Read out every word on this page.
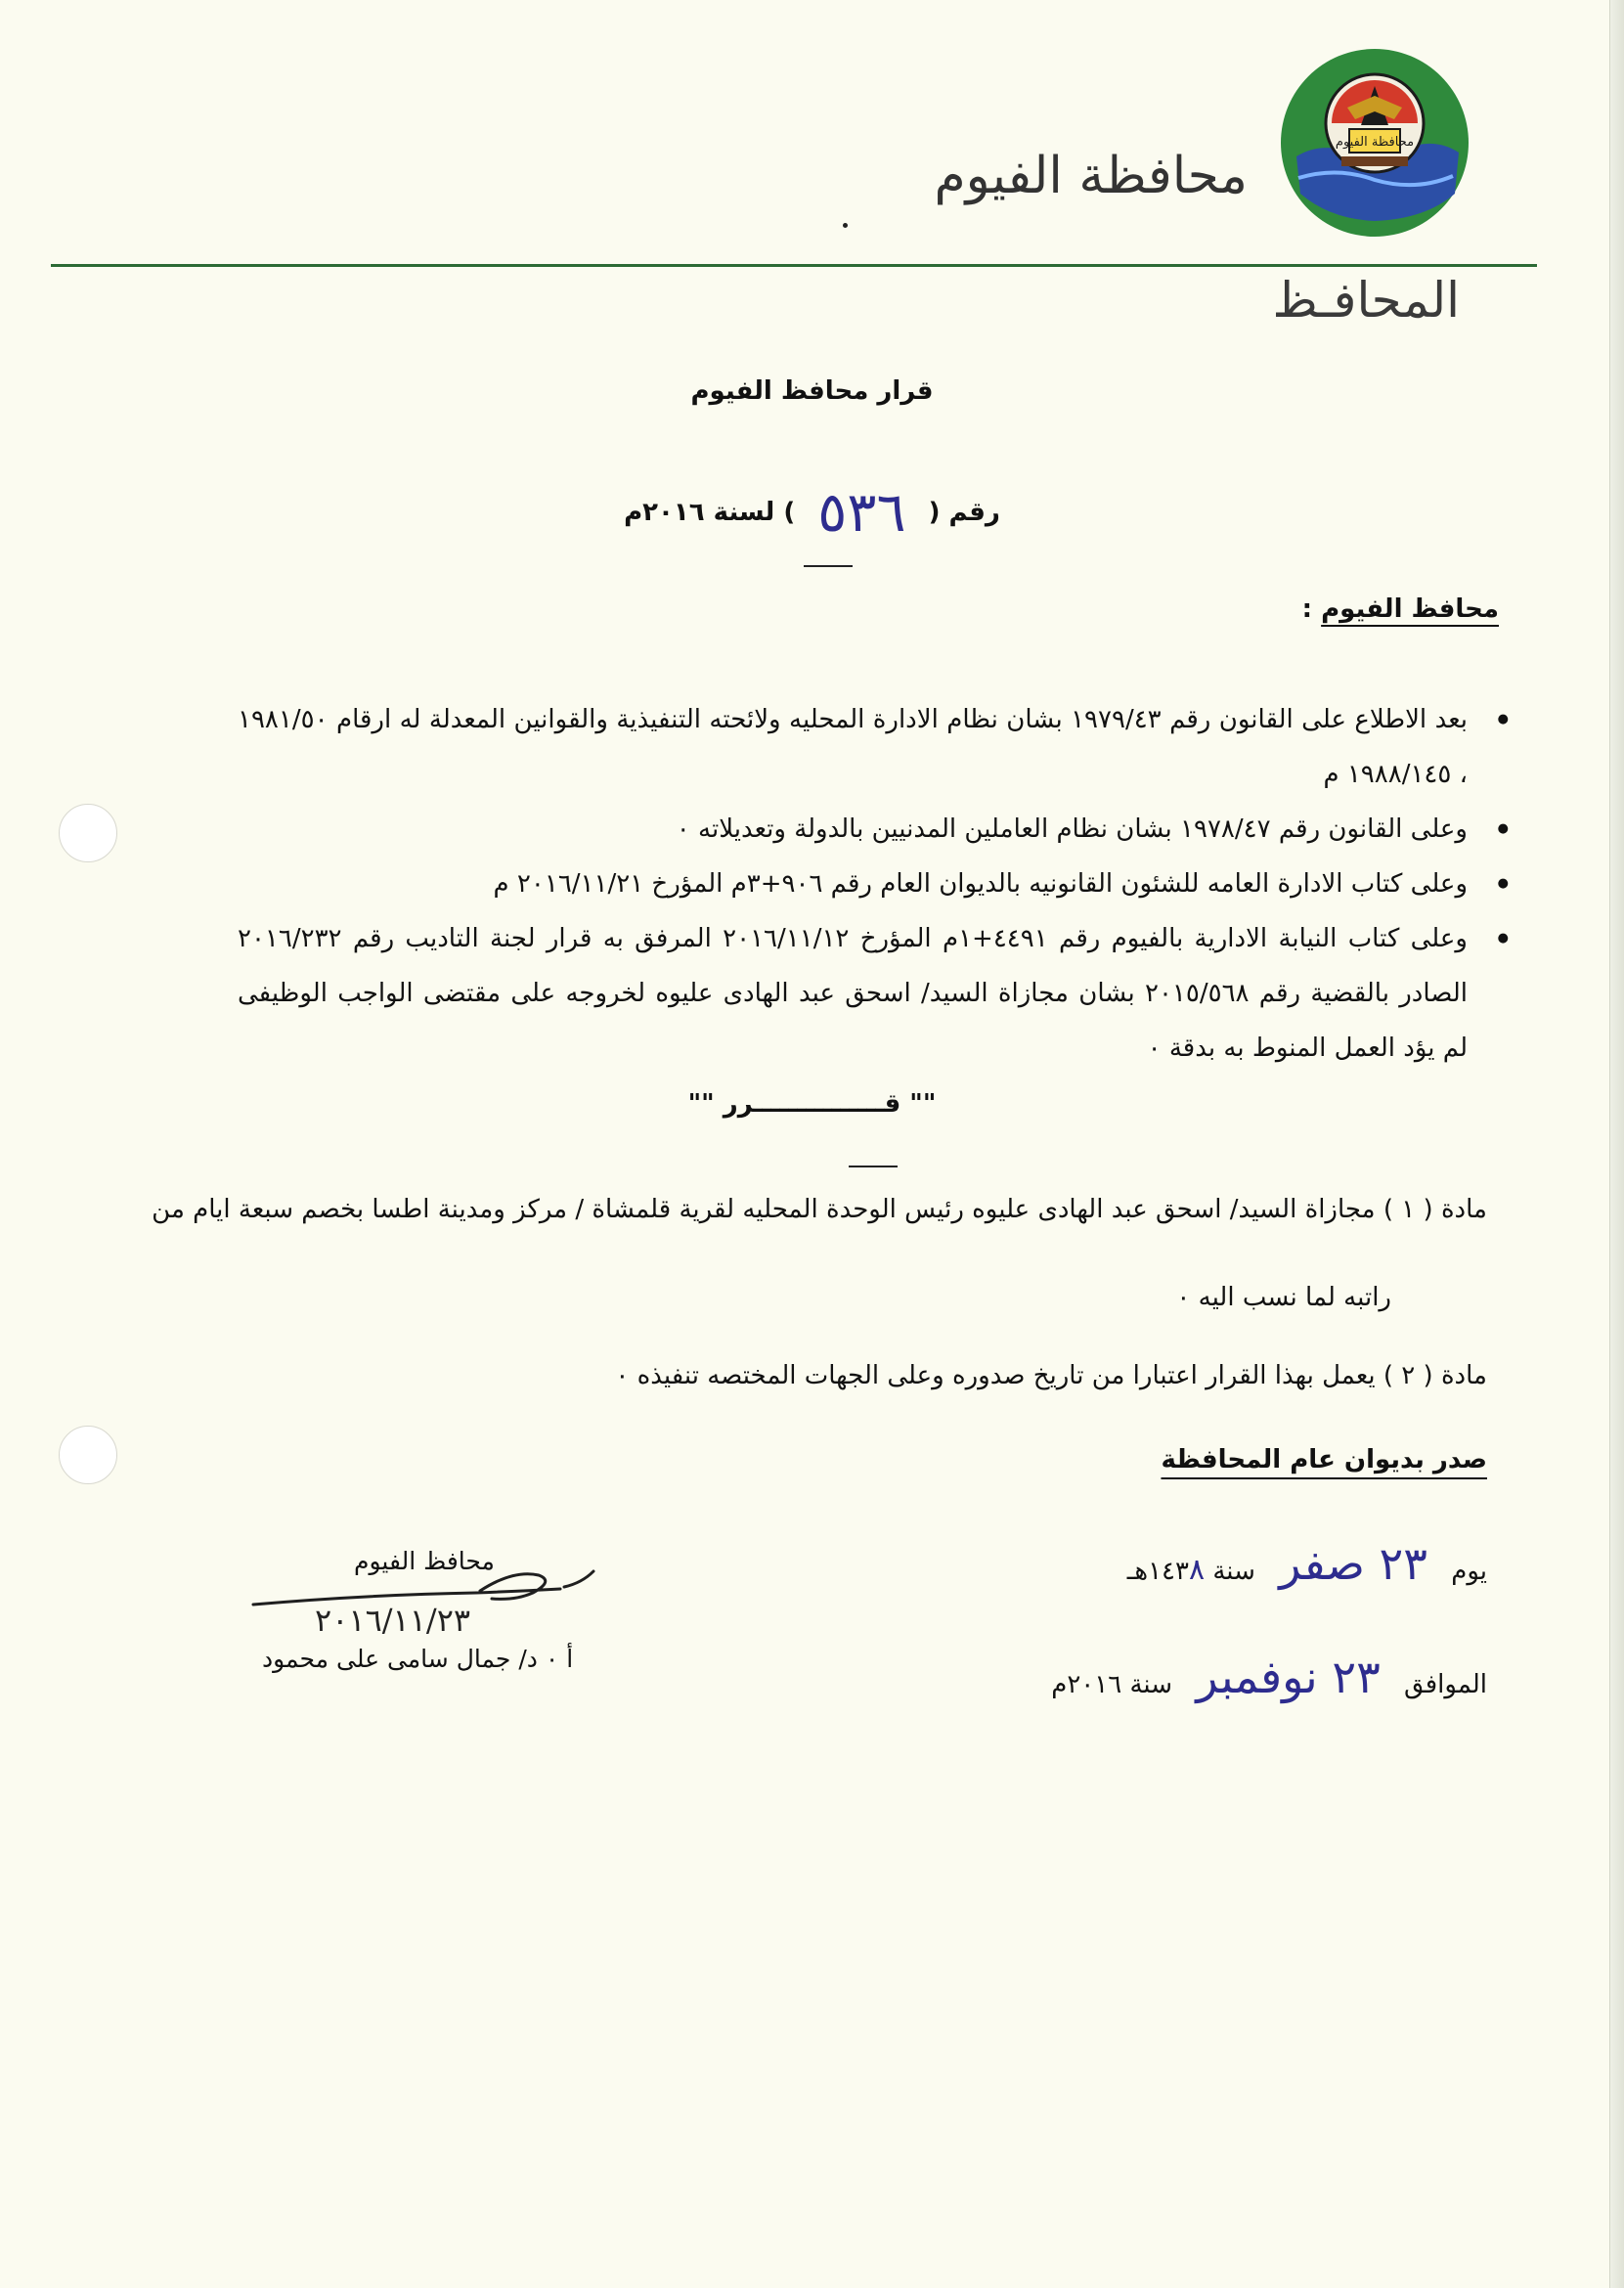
محافظة الفيوم
محافظة الفيوم
المحافـظ
قرار محافظ الفيوم
رقم ( ٥٣٦ ) لسنة ٢٠١٦م
محافظ الفيوم :
● بعد الاطلاع على القانون رقم ١٩٧٩/٤٣ بشان نظام الادارة المحليه ولائحته التنفيذية والقوانين المعدلة له ارقام ١٩٨١/٥٠ ، ١٩٨٨/١٤٥ م
● وعلى القانون رقم ١٩٧٨/٤٧ بشان نظام العاملين المدنيين بالدولة وتعديلاته ٠
● وعلى كتاب الادارة العامه للشئون القانونيه بالديوان العام رقم ٩٠٦+٣م المؤرخ ٢٠١٦/١١/٢١ م
● وعلى كتاب النيابة الادارية بالفيوم رقم ٤٤٩١+١م المؤرخ ٢٠١٦/١١/١٢ المرفق به قرار لجنة التاديب رقم ٢٠١٦/٢٣٢ الصادر بالقضية رقم ٢٠١٥/٥٦٨ بشان مجازاة السيد/ اسحق عبد الهادى عليوه لخروجه على مقتضى الواجب الوظيفى لم يؤد العمل المنوط به بدقة ٠
"" قـــــــــــــــرر ""
مادة ( ١ ) مجازاة السيد/ اسحق عبد الهادى عليوه رئيس الوحدة المحليه لقرية قلمشاة / مركز ومدينة اطسا بخصم سبعة ايام من
راتبه لما نسب اليه ٠
مادة ( ٢ ) يعمل بهذا القرار اعتبارا من تاريخ صدوره وعلى الجهات المختصه تنفيذه ٠
صدر بديوان عام المحافظة
يوم ٢٣ صفر سنة ١٤٣٨هـ
الموافق ٢٣ نوفمبر سنة ٢٠١٦م
محافظ الفيوم
٢٠١٦/١١/٢٣
أ ٠ د/ جمال سامى على محمود
